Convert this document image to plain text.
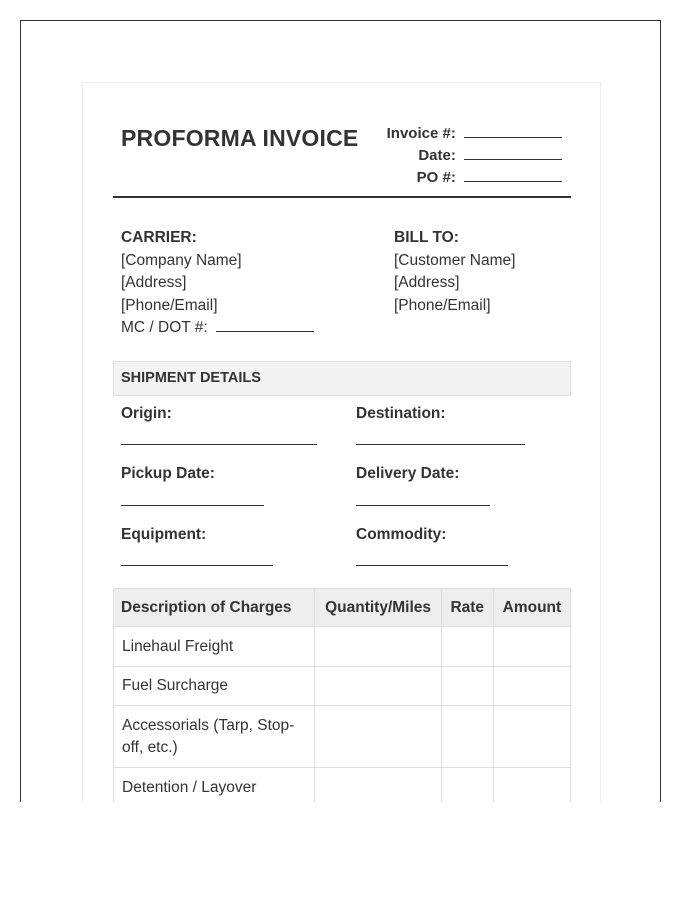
PROFORMA INVOICE Invoice #:
Date:
PO #:
CARRIER:
[Company Name]
[Address]
[Phone/Email]
MC / DOT #:
BILL TO:
[Customer Name]
[Address]
[Phone/Email]
SHIPMENT DETAILS
Origin:	Destination:
Pickup Date:	Delivery Date:
Equipment:	Commodity:
Description of Charges	Quantity/Miles	Rate	Amount
Linehaul Freight			
Fuel Surcharge			
Accessorials (Tarp, Stop-off, etc.)			
Detention / Layover			
